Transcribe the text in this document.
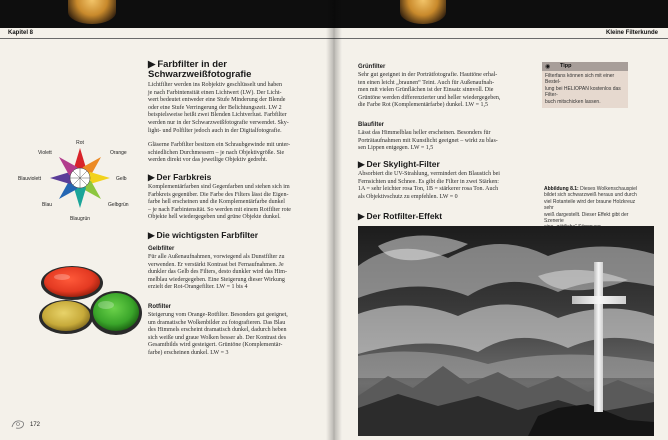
Kapitel 8
▶ Farbfilter in der
Schwarzweißfotografie
Lichtfilter werden ins Robjektiv geschlüsselt und haben
je nach Farbintensität einen Lichtwert (LW). Der Licht-
wert bedeutet entweder eine Stufe Minderung der Blende
oder eine Stufe Verringerung der Belichtungszeit. LW 2
beispielsweise heißt zwei Blenden Lichtverlust. Farbfilter
werden nur in der Schwarzweißfotografie verwendet. Sky-
light- und Polfilter jedoch auch in der Digitalfotografie.
Gläserne Farbfilter besitzen ein Schraubgewinde mit unter-
schiedlichen Durchmessern – je nach Objektivgröße. Sie
werden direkt vor das jeweilige Objektiv gedreht.
▶ Der Farbkreis
Komplementärfarben sind Gegenfarben und stehen sich im
Farbkreis gegenüber. Die Farbe des Filters lässt die Eigen-
farbe hell erscheinen und die Komplementärfarbe dunkel
– je nach Farbintensität. So werden mit einem Rotfilter rote
Objekte hell wiedergegeben und grüne Objekte dunkel.
▶ Die wichtigsten Farbfilter
Gelbfilter
Für alle Außenaufnahmen, vorwiegend als Dunstfilter zu
verwenden. Er verstärkt Kontrast bei Fernaufnahmen. Je
dunkler das Gelb des Filters, desto dunkler wird das Him-
melblau wiedergegeben. Eine Steigerung dieser Wirkung
erzielt der Rot-Orangefilter. LW = 1 bis 4
Rotfilter
Steigerung vom Orange-Rotfilter. Besonders gut geeignet,
um dramatische Wolkenbilder zu fotografieren. Das Blau
des Himmels erscheint dramatisch dunkel, dadurch heben
sich weiße und graue Wolken besser ab. Der Kontrast des
Gesamtbilds wird gesteigert. Grüntöne (Komplementär-
farbe) erscheinen dunkel. LW = 3
Rot
Orange
Gelb
Gelbgrün
Blaugrün
Blau
Blauviolett
Violett
172
Kleine Filterkunde
Grünfilter
Sehr gut geeignet in der Porträtfotografie. Hauttöne erhal-
ten einen leicht „braunen“ Teint. Auch für Außenaufnah-
men mit vielen Grünflächen ist der Einsatz sinnvoll. Die
Grüntöne werden differenzierter und heller wiedergegeben,
die Farbe Rot (Komplementärfarbe) dunkel. LW = 1,5
Blaufilter
Lässt das Himmelblau heller erscheinen. Besonders für
Porträtaufnahmen mit Kunstlicht geeignet – wirkt zu blas-
sen Lippen entgegen. LW = 1,5
▶ Der Skylight-Filter
Absorbiert die UV-Strahlung, vermindert den Blaustich bei
Fernsichten und Schnee. Es gibt die Filter in zwei Stärken:
1A = sehr leichter rosa Ton, 1B = stärkerer rosa Ton. Auch
als Objektivschutz zu empfehlen. LW = 0
▶ Der Rotfilter-Effekt
◉ Tipp
Filterfans können sich mit einer Bestel-
lung bei HELIOPAN kostenlos das Filter-
buch mitschicken lassen.
Abbildung 8.1: Dieses Wolkenschauspiel
bildet sich schwarzweiß heraus und durch
viel Rotanteile wird der braune Holzkreuz sehr
weiß dargestellt. Dieser Effekt gibt der Szenerie
